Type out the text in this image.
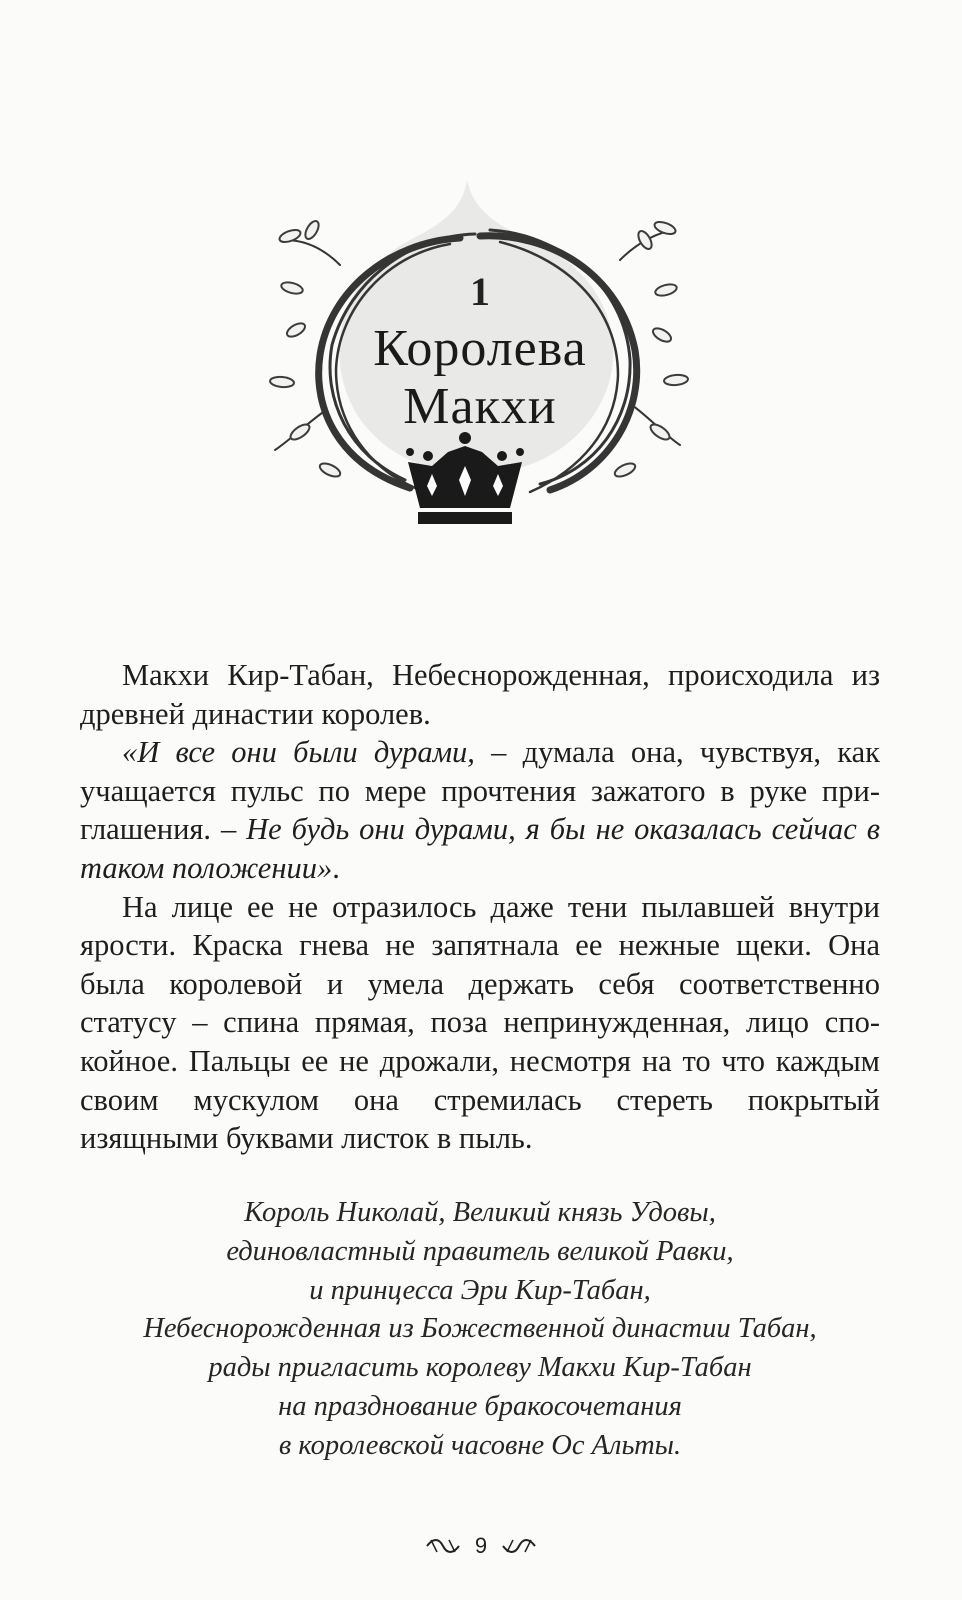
1
Королева
Макхи

Макхи Кир-Табан, Небеснорожденная, происходила из древней династии королев.

«И все они были дурами, – думала она, чувствуя, как учащается пульс по мере прочтения зажатого в руке приглашения. – Не будь они дурами, я бы не оказалась сейчас в таком положении».

На лице ее не отразилось даже тени пылавшей внутри ярости. Краска гнева не запятнала ее нежные щеки. Она была королевой и умела держать себя соответственно статусу – спина прямая, поза непринужденная, лицо спокойное. Пальцы ее не дрожали, несмотря на то что каждым своим мускулом она стремилась стереть покрытый изящными буквами листок в пыль.

Король Николай, Великий князь Удовы,
единовластный правитель великой Равки,
и принцесса Эри Кир-Табан,
Небеснорожденная из Божественной династии Табан,
рады пригласить королеву Макхи Кир-Табан
на празднование бракосочетания
в королевской часовне Ос Альты.
9
